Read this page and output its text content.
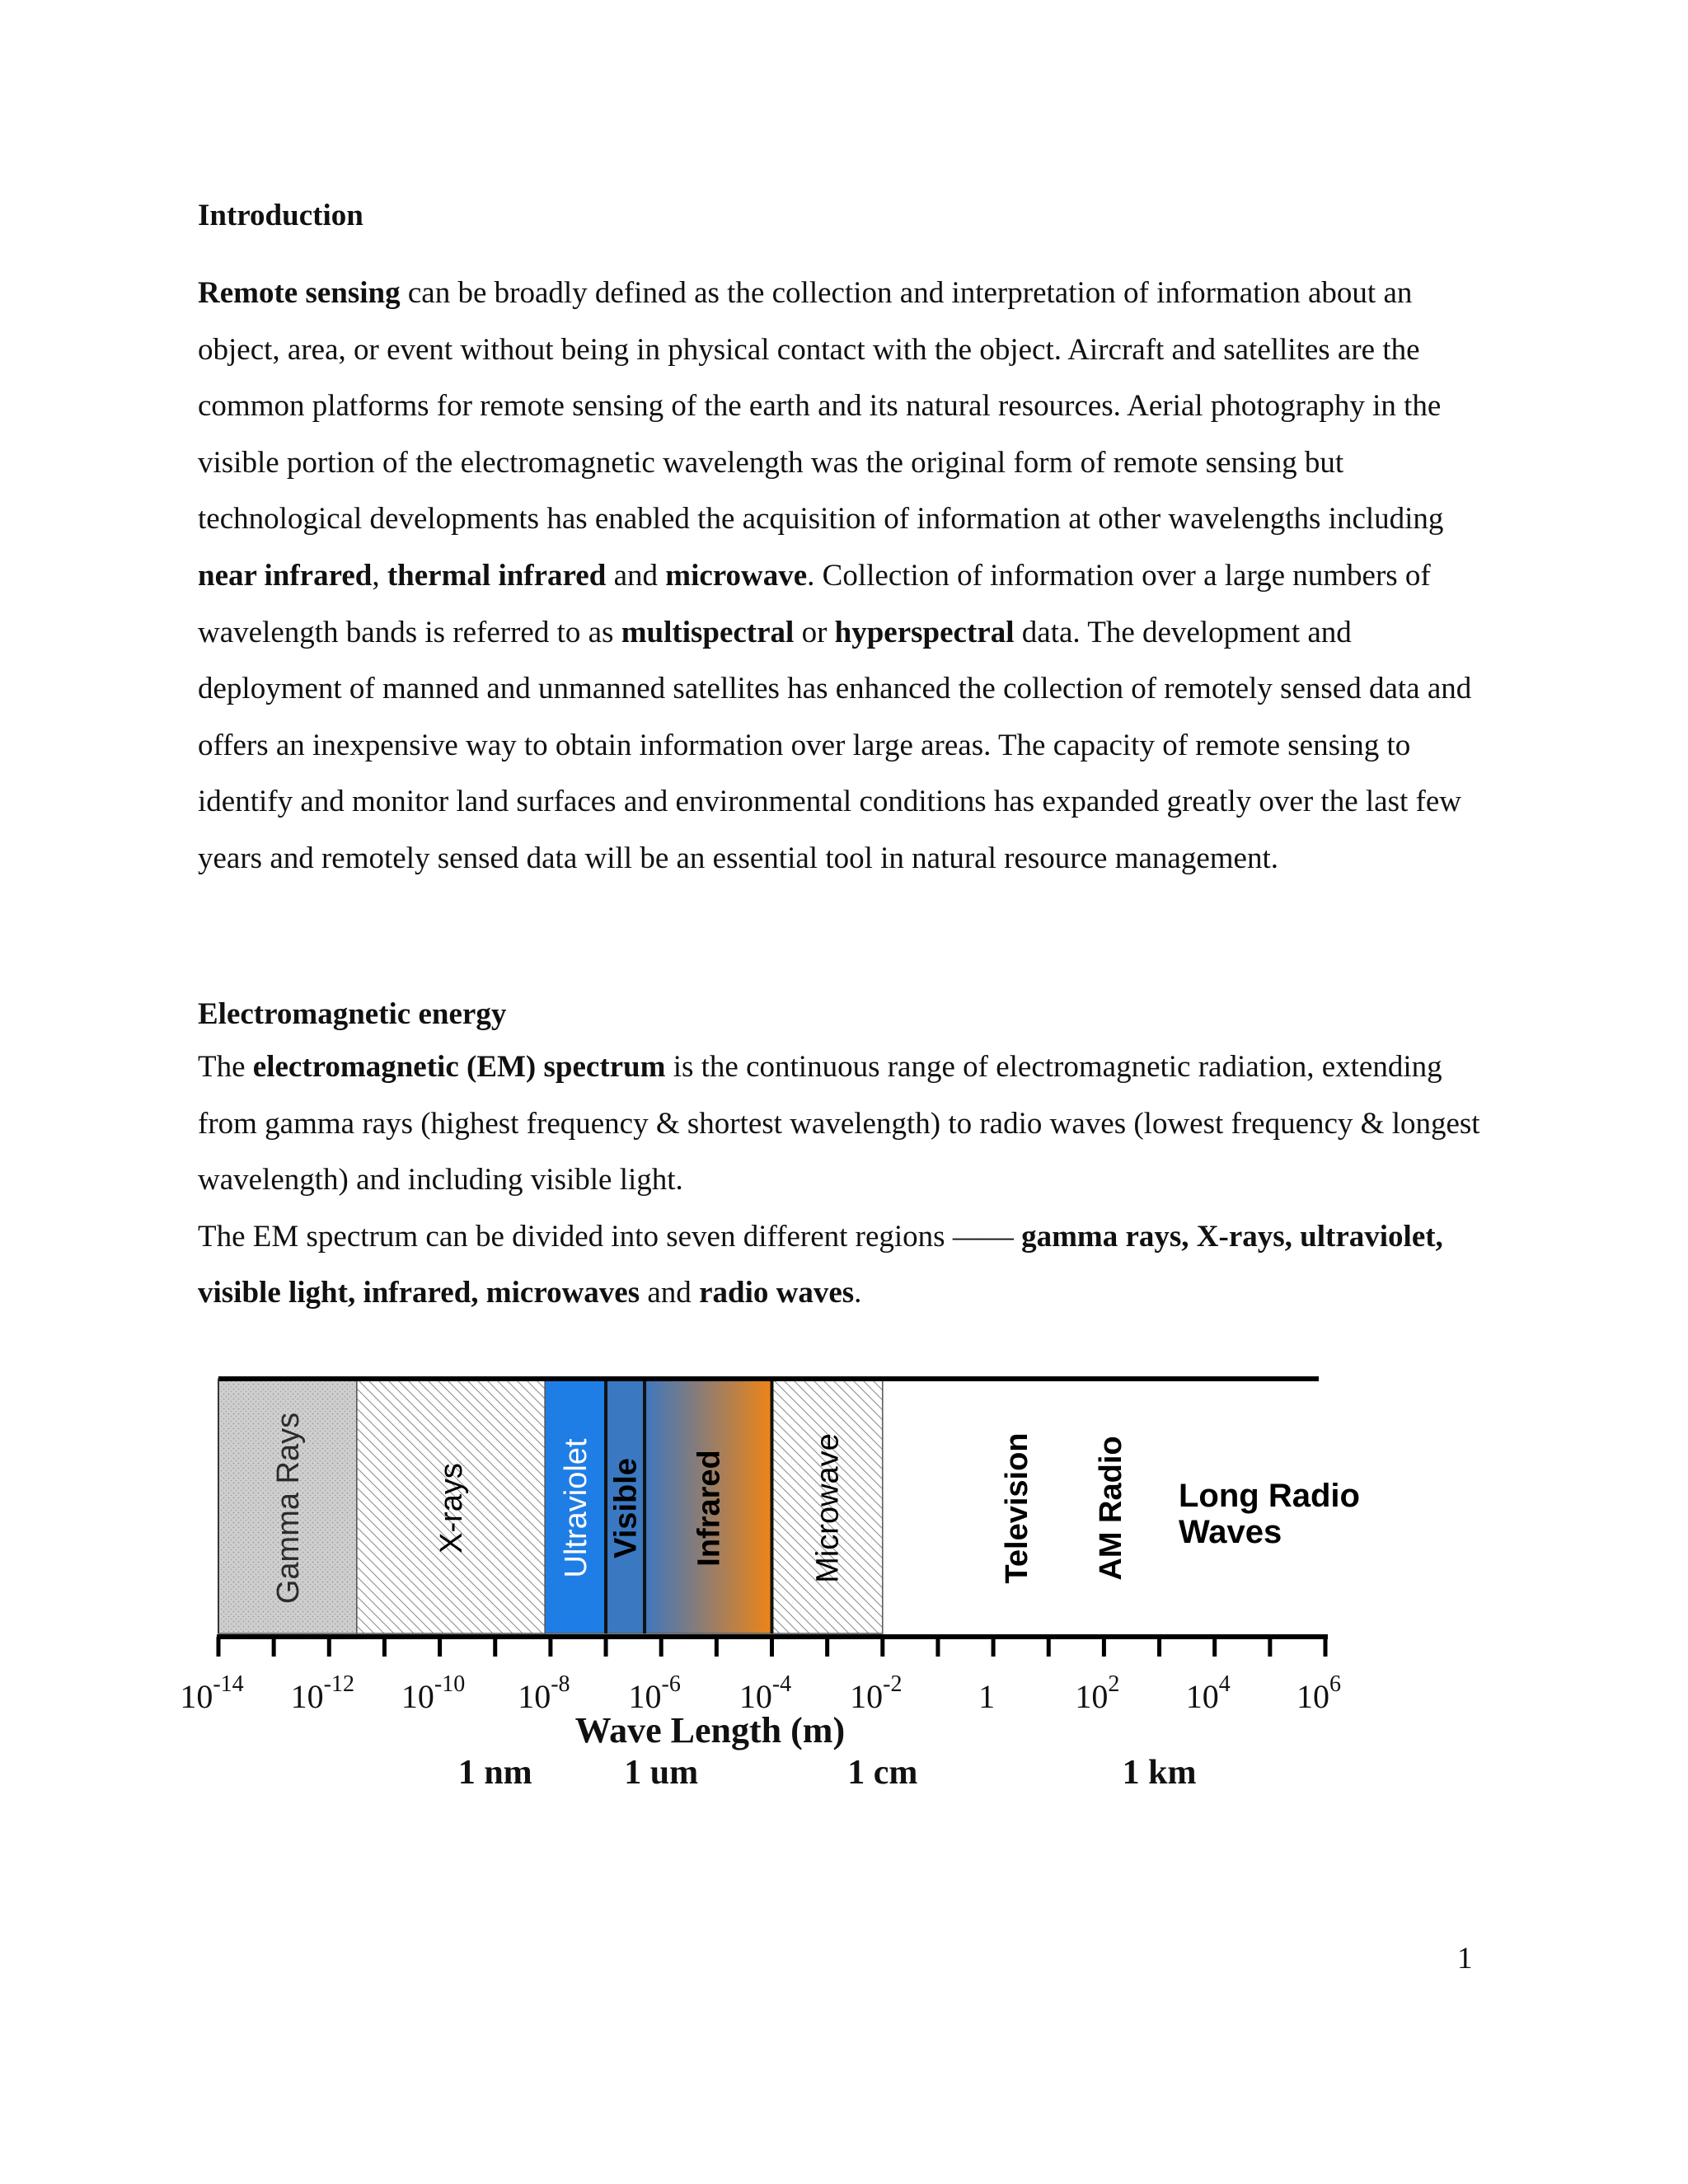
Introduction

Remote sensing can be broadly defined as the collection and interpretation of information about an object, area, or event without being in physical contact with the object. Aircraft and satellites are the common platforms for remote sensing of the earth and its natural resources. Aerial photography in the visible portion of the electromagnetic wavelength was the original form of remote sensing but technological developments has enabled the acquisition of information at other wavelengths including near infrared, thermal infrared and microwave. Collection of information over a large numbers of wavelength bands is referred to as multispectral or hyperspectral data. The development and deployment of manned and unmanned satellites has enhanced the collection of remotely sensed data and offers an inexpensive way to obtain information over large areas. The capacity of remote sensing to identify and monitor land surfaces and environmental conditions has expanded greatly over the last few years and remotely sensed data will be an essential tool in natural resource management.

Electromagnetic energy

The electromagnetic (EM) spectrum is the continuous range of electromagnetic radiation, extending from gamma rays (highest frequency & shortest wavelength) to radio waves (lowest frequency & longest wavelength) and including visible light.
The EM spectrum can be divided into seven different regions —— gamma rays, X-rays, ultraviolet, visible light, infrared, microwaves and radio waves.

$10^{-14}$ $10^{-12}$ $10^{-10}$ $10^{-8}$ $10^{-6}$ $10^{-4}$ $10^{-2}$ 1 $10^2$ $10^4$ $10^6$
Wave Length (m)
1 nm	1 um	1 cm	1 km
Gamma Rays	X-rays	Ultraviolet Visible Infrared	Microwave	Television AM Radio Long Radio
Waves
1
